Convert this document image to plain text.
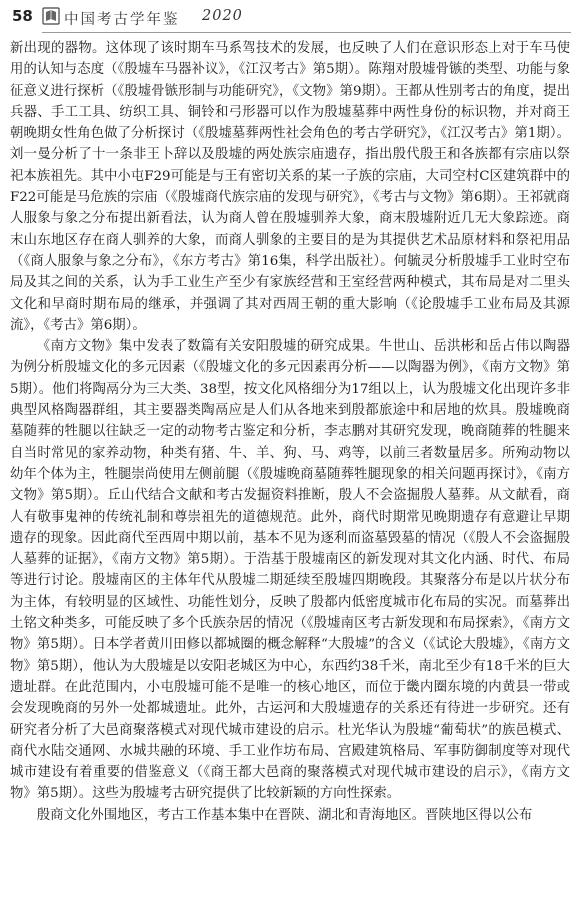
58 中国考古学年鉴 2020

新出现的器物。这体现了该时期车马系驾技术的发展，也反映了人们在意识形态上对于车马使用的认知与态度（《殷墟车马器补议》，《江汉考古》第5期）。陈翔对殷墟骨镞的类型、功能与象征意义进行探析（《殷墟骨镞形制与功能研究》，《文物》第9期）。王都从性别考古的角度，提出兵器、手工工具、纺织工具、铜铃和弓形器可以作为殷墟墓葬中两性身份的标识物，并对商王朝晚期女性角色做了分析探讨（《殷墟墓葬两性社会角色的考古学研究》，《江汉考古》第1期）。刘一曼分析了十一条非王卜辞以及殷墟的两处族宗庙遗存，指出殷代殷王和各族都有宗庙以祭祀本族祖先。其中小屯F29可能是与王有密切关系的某一子族的宗庙，大司空村C区建筑群中的F22可能是马危族的宗庙（《殷墟商代族宗庙的发现与研究》，《考古与文物》第6期）。王祁就商人服象与象之分布提出新看法，认为商人曾在殷墟驯养大象，商末殷墟附近几无大象踪迹。商末山东地区存在商人驯养的大象，而商人驯象的主要目的是为其提供艺术品原材料和祭祀用品（《商人服象与象之分布》，《东方考古》第16集，科学出版社）。何毓灵分析殷墟手工业时空布局及其之间的关系，认为手工业生产至少有家族经营和王室经营两种模式，其布局是对二里头文化和早商时期布局的继承，并强调了其对西周王朝的重大影响（《论殷墟手工业布局及其源流》，《考古》第6期）。

《南方文物》集中发表了数篇有关安阳殷墟的研究成果。牛世山、岳洪彬和岳占伟以陶器为例分析殷墟文化的多元因素（《殷墟文化的多元因素再分析——以陶器为例》，《南方文物》第5期）。他们将陶鬲分为三大类、38型，按文化风格细分为17组以上，认为殷墟文化出现许多非典型风格陶器群组，其主要器类陶鬲应是人们从各地来到殷都旅途中和居地的炊具。殷墟晚商墓随葬的牲腿以往缺乏一定的动物考古鉴定和分析，李志鹏对其研究发现，晚商随葬的牲腿来自当时常见的家养动物，种类有猪、牛、羊、狗、马、鸡等，以前三者数量居多。所殉动物以幼年个体为主，牲腿崇尚使用左侧前腿（《殷墟晚商墓随葬牲腿现象的相关问题再探讨》，《南方文物》第5期）。丘山代结合文献和考古发掘资料推断，殷人不会盗掘殷人墓葬。从文献看，商人有敬事鬼神的传统礼制和尊崇祖先的道德规范。此外，商代时期常见晚期遗存有意避让早期遗存的现象。因此商代至西周中期以前，基本不见为逐利而盗墓毁墓的情况（《殷人不会盗掘殷人墓葬的证据》，《南方文物》第5期）。于浩基于殷墟南区的新发现对其文化内涵、时代、布局等进行讨论。殷墟南区的主体年代从殷墟二期延续至殷墟四期晚段。其聚落分布是以片状分布为主体，有较明显的区域性、功能性划分，反映了殷都内低密度城市化布局的实况。而墓葬出土铭文种类多，可能反映了多个氏族杂居的情况（《殷墟南区考古新发现和布局探索》，《南方文物》第5期）。日本学者黄川田修以都城圈的概念解释“大殷墟”的含义（《试论大殷墟》，《南方文物》第5期），他认为大殷墟是以安阳老城区为中心，东西约38千米，南北至少有18千米的巨大遗址群。在此范围内，小屯殷墟可能不是唯一的核心地区，而位于畿内圈东境的内黄县一带或会发现晚商的另外一处都城遗址。此外，古运河和大殷墟遗存的关系还有待进一步研究。还有研究者分析了大邑商聚落模式对现代城市建设的启示。杜光华认为殷墟“葡萄状”的族邑模式、商代水陆交通网、水城共融的环境、手工业作坊布局、宫殿建筑格局、军事防御制度等对现代城市建设有着重要的借鉴意义（《商王都大邑商的聚落模式对现代城市建设的启示》，《南方文物》第5期）。这些为殷墟考古研究提供了比较新颖的方向性探索。

殷商文化外围地区，考古工作基本集中在晋陕、湖北和青海地区。晋陕地区得以公布
